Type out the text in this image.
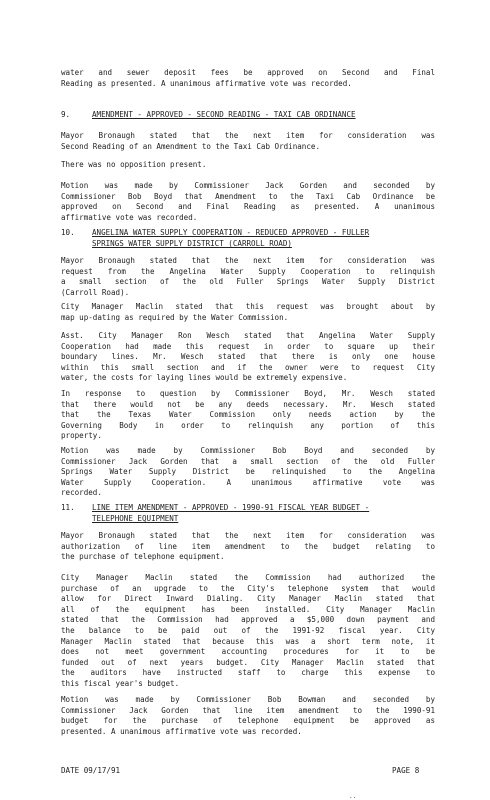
water and sewer deposit fees be approved on Second and Final
Reading as presented. A unanimous affirmative vote was recorded.
9.	AMENDMENT - APPROVED - SECOND READING - TAXI CAB ORDINANCE
Mayor Bronaugh stated that the next item for consideration was
Second Reading of an Amendment to the Taxi Cab Ordinance.
There was no opposition present.
Motion was made by Commissioner Jack Gorden and seconded by
Commissioner Bob Boyd that Amendment to the Taxi Cab Ordinance be
approved on Second and Final Reading as presented. A unanimous
affirmative vote was recorded.
10. ANGELINA WATER SUPPLY COOPERATION - REDUCED APPROVED - FULLER
SPRINGS WATER SUPPLY DISTRICT (CARROLL ROAD)
Mayor Bronaugh stated that the next item for consideration was
request from the Angelina Water Supply Cooperation to relinquish
a small section of the old Fuller Springs Water Supply District
(Carroll Road).
City Manager Maclin stated that this request was brought about by
map up-dating as required by the Water Commission.
Asst. City Manager Ron Wesch stated that Angelina Water Supply
Cooperation had made this request in order to square up their
boundary lines. Mr. Wesch stated that there is only one house
within this small section and if the owner were to request City
water, the costs for laying lines would be extremely expensive.
In response to question by Commissioner Boyd, Mr. Wesch stated
that there would not be any deeds necessary. Mr. Wesch stated
that the Texas Water Commission only needs action by the
Governing Body in order to relinquish any portion of this
property.
Motion was made by Commissioner Bob Boyd and seconded by
Commissioner Jack Gorden that a small section of the old Fuller
Springs Water Supply District be relinquished to the Angelina
Water Supply Cooperation. A unanimous affirmative vote was
recorded.
11. LINE ITEM AMENDMENT - APPROVED - 1990-91 FISCAL YEAR BUDGET -
TELEPHONE EQUIPMENT
Mayor Bronaugh stated that the next item for consideration was
authorization of line item amendment to the budget relating to
the purchase of telephone equipment.
City Manager Maclin stated the Commission had authorized the
purchase of an upgrade to the City's telephone system that would
allow for Direct Inward Dialing. City Manager Maclin stated that
all of the equipment has been installed. City Manager Maclin
stated that the Commission had approved a $5,000 down payment and
the balance to be paid out of the 1991-92 fiscal year. City
Manager Maclin stated that because this was a short term note, it
does not meet government accounting procedures for it to be
funded out of next years budget. City Manager Maclin stated that
the auditors have instructed staff to charge this expense to
this fiscal year's budget.
Motion was made by Commissioner Bob Bowman and seconded by
Commissioner Jack Gorden that line item amendment to the 1990-91
budget for the purchase of telephone equipment be approved as
presented. A unanimous affirmative vote was recorded.
DATE 09/17/91	PAGE 8
..
